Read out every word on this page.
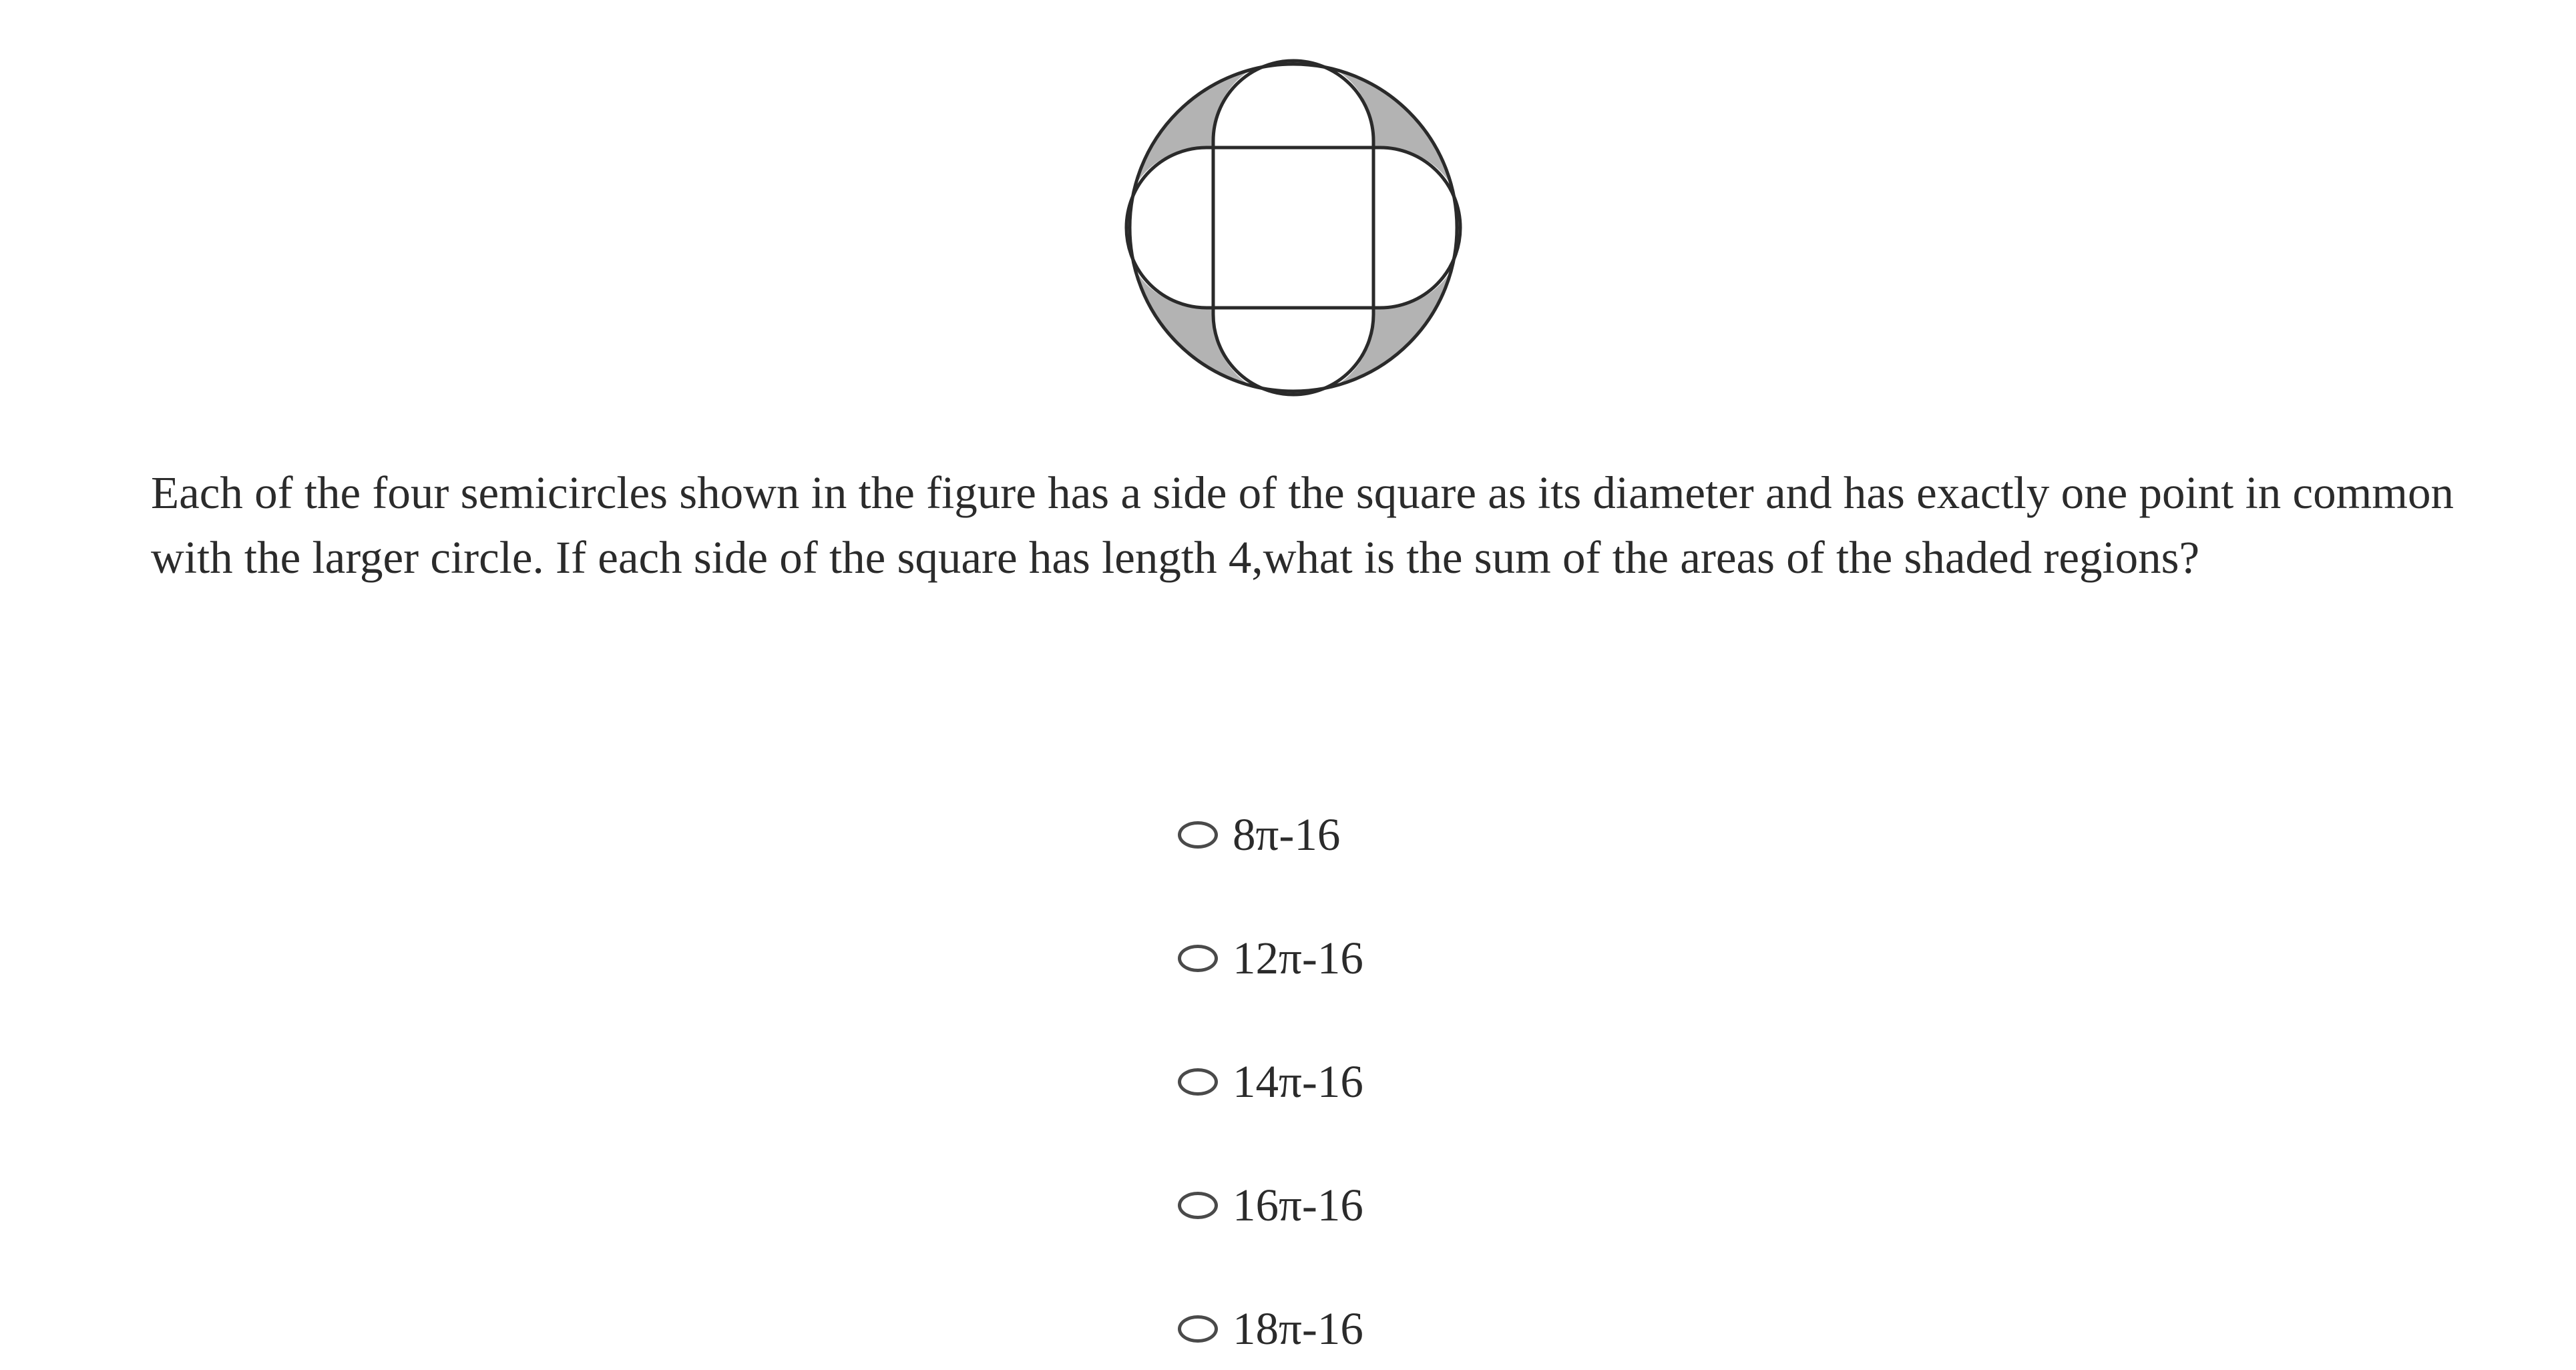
Each of the four semicircles shown in the figure has a side of the square as its diameter and has exactly one point in common with the larger circle. If each side of the square has length 4,what is the sum of the areas of the shaded regions?

8π-16
12π-16
14π-16
16π-16
18π-16
